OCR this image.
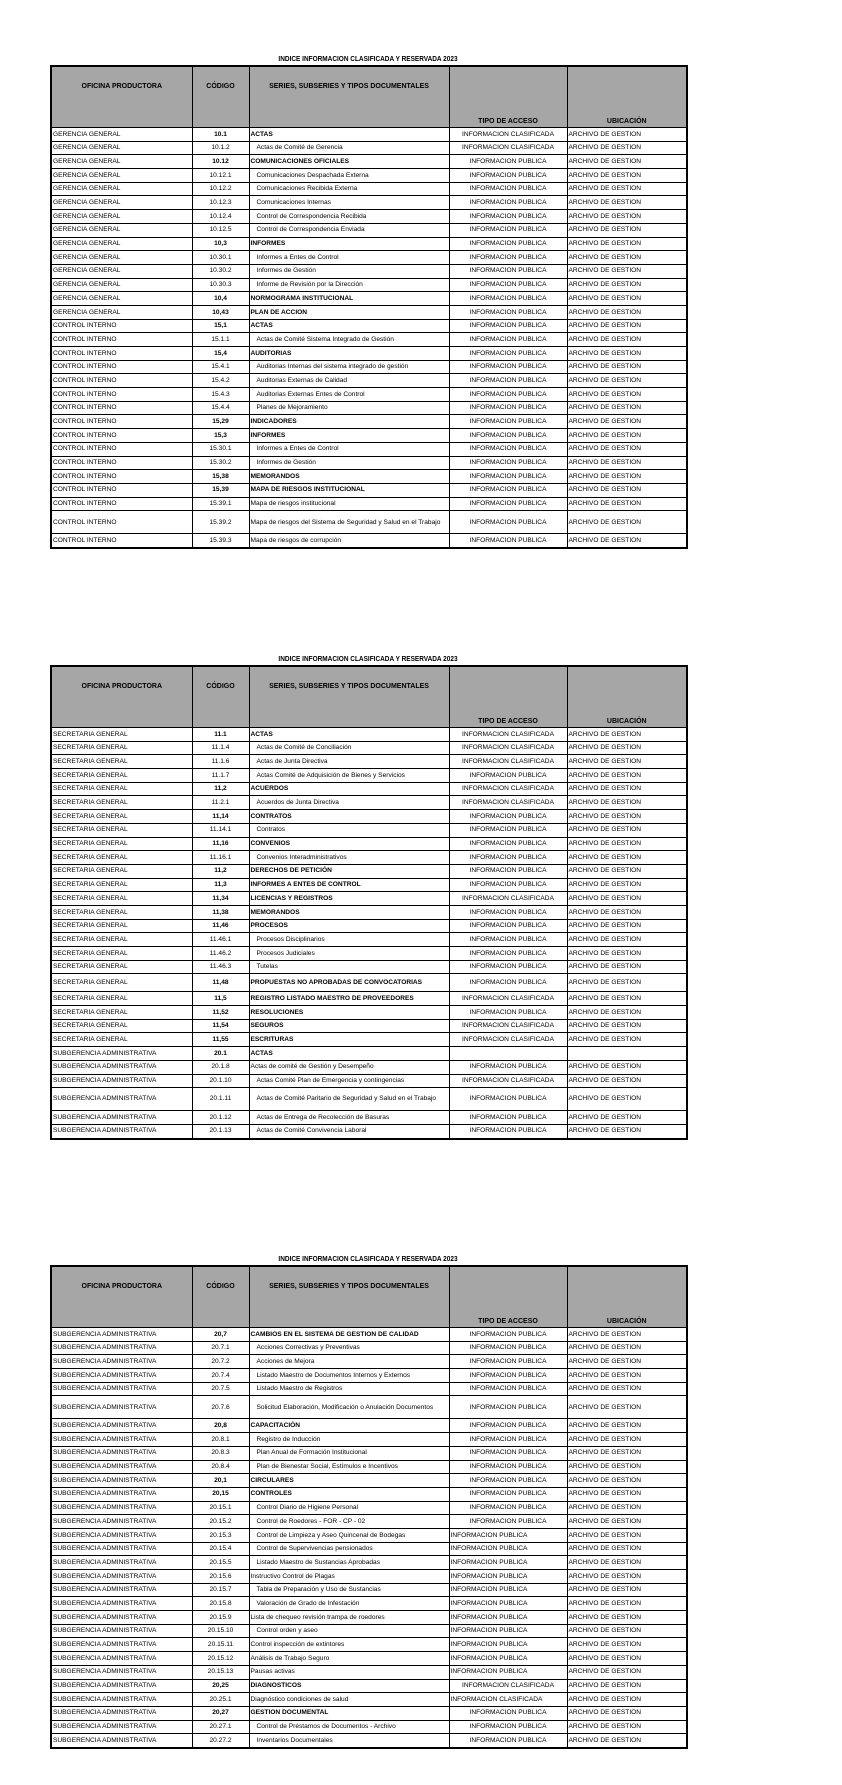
INDICE INFORMACION CLASIFICADA Y RESERVADA 2023
OFICINA PRODUCTORA	CÓDIGO	SERIES, SUBSERIES Y TIPOS DOCUMENTALES	TIPO DE ACCESO	UBICACIÓN
GERENCIA GENERAL	10.1	ACTAS	INFORMACION CLASIFICADA	ARCHIVO DE GESTION
GERENCIA GENERAL	10.1.2	Actas de Comité de Gerencia	INFORMACION CLASIFICADA	ARCHIVO DE GESTION
GERENCIA GENERAL	10.12	COMUNICACIONES OFICIALES	INFORMACION PUBLICA	ARCHIVO DE GESTION
GERENCIA GENERAL	10.12.1	Comunicaciones Despachada Externa	INFORMACION PUBLICA	ARCHIVO DE GESTION
GERENCIA GENERAL	10.12.2	Comunicaciones Recibida Externa	INFORMACION PUBLICA	ARCHIVO DE GESTION
GERENCIA GENERAL	10.12.3	Comunicaciones Internas	INFORMACION PUBLICA	ARCHIVO DE GESTION
GERENCIA GENERAL	10.12.4	Control de Correspondencia Recibida	INFORMACION PUBLICA	ARCHIVO DE GESTION
GERENCIA GENERAL	10.12.5	Control de Correspondencia Enviada	INFORMACION PUBLICA	ARCHIVO DE GESTION
GERENCIA GENERAL	10,3	INFORMES	INFORMACION PUBLICA	ARCHIVO DE GESTION
GERENCIA GENERAL	10.30.1	Informes a Entes de Control	INFORMACION PUBLICA	ARCHIVO DE GESTION
GERENCIA GENERAL	10.30.2	Informes de Gestión	INFORMACION PUBLICA	ARCHIVO DE GESTION
GERENCIA GENERAL	10.30.3	Informe de Revisión por la Dirección	INFORMACION PUBLICA	ARCHIVO DE GESTION
GERENCIA GENERAL	10,4	NORMOGRAMA INSTITUCIONAL	INFORMACION PUBLICA	ARCHIVO DE GESTION
GERENCIA GENERAL	10,43	PLAN DE ACCION	INFORMACION PUBLICA	ARCHIVO DE GESTION
CONTROL INTERNO	15,1	ACTAS	INFORMACION PUBLICA	ARCHIVO DE GESTION
CONTROL INTERNO	15.1.1	Actas de Comité Sistema Integrado de Gestión	INFORMACION PUBLICA	ARCHIVO DE GESTION
CONTROL INTERNO	15,4	AUDITORIAS	INFORMACION PUBLICA	ARCHIVO DE GESTION
CONTROL INTERNO	15.4.1	Auditorias Internas del sistema integrado de gestión	INFORMACION PUBLICA	ARCHIVO DE GESTION
CONTROL INTERNO	15.4.2	Auditorias Externas de Calidad	INFORMACION PUBLICA	ARCHIVO DE GESTION
CONTROL INTERNO	15.4.3	Auditorias Externas Entes de Control	INFORMACION PUBLICA	ARCHIVO DE GESTION
CONTROL INTERNO	15.4.4	Planes de Mejoramiento	INFORMACION PUBLICA	ARCHIVO DE GESTION
CONTROL INTERNO	15,29	INDICADORES	INFORMACION PUBLICA	ARCHIVO DE GESTION
CONTROL INTERNO	15,3	INFORMES	INFORMACION PUBLICA	ARCHIVO DE GESTION
CONTROL INTERNO	15.30.1	Informes a Entes de Control	INFORMACION PUBLICA	ARCHIVO DE GESTION
CONTROL INTERNO	15.30.2	Informes de Gestión	INFORMACION PUBLICA	ARCHIVO DE GESTION
CONTROL INTERNO	15,38	MEMORANDOS	INFORMACION PUBLICA	ARCHIVO DE GESTION
CONTROL INTERNO	15,39	MAPA DE RIESGOS INSTITUCIONAL	INFORMACION PUBLICA	ARCHIVO DE GESTION
CONTROL INTERNO	15.39.1	Mapa de riesgos institucional	INFORMACION PUBLICA	ARCHIVO DE GESTION
CONTROL INTERNO	15.39.2	Mapa de riesgos del Sistema de Seguridad y Salud en el Trabajo	INFORMACION PUBLICA	ARCHIVO DE GESTION
CONTROL INTERNO	15.39.3	Mapa de riesgos de corrupción	INFORMACION PUBLICA	ARCHIVO DE GESTION
INDICE INFORMACION CLASIFICADA Y RESERVADA 2023
OFICINA PRODUCTORA	CÓDIGO	SERIES, SUBSERIES Y TIPOS DOCUMENTALES	TIPO DE ACCESO	UBICACIÓN
SECRETARIA GENERAL	11.1	ACTAS	INFORMACION CLASIFICADA	ARCHIVO DE GESTION
SECRETARIA GENERAL	11.1.4	Actas de Comité de Conciliación	INFORMACION CLASIFICADA	ARCHIVO DE GESTION
SECRETARIA GENERAL	11.1.6	Actas de Junta Directiva	INFORMACION CLASIFICADA	ARCHIVO DE GESTION
SECRETARIA GENERAL	11.1.7	Actas Comité de Adquisición de Bienes y Servicios	INFORMACION PUBLICA	ARCHIVO DE GESTION
SECRETARIA GENERAL	11,2	ACUERDOS	INFORMACION CLASIFICADA	ARCHIVO DE GESTION
SECRETARIA GENERAL	11.2.1	Acuerdos de Junta Directiva	INFORMACION CLASIFICADA	ARCHIVO DE GESTION
SECRETARIA GENERAL	11,14	CONTRATOS	INFORMACION PUBLICA	ARCHIVO DE GESTION
SECRETARIA GENERAL	11.14.1	Contratos	INFORMACION PUBLICA	ARCHIVO DE GESTION
SECRETARIA GENERAL	11,16	CONVENIOS	INFORMACION PUBLICA	ARCHIVO DE GESTION
SECRETARIA GENERAL	11.16.1	Convenios Interadministrativos	INFORMACION PUBLICA	ARCHIVO DE GESTION
SECRETARIA GENERAL	11,2	DERECHOS DE PETICIÓN	INFORMACION PUBLICA	ARCHIVO DE GESTION
SECRETARIA GENERAL	11,3	INFORMES A ENTES DE CONTROL	INFORMACION PUBLICA	ARCHIVO DE GESTION
SECRETARIA GENERAL	11,34	LICENCIAS Y REGISTROS	INFORMACION CLASIFICADA	ARCHIVO DE GESTION
SECRETARIA GENERAL	11,38	MEMORANDOS	INFORMACION PUBLICA	ARCHIVO DE GESTION
SECRETARIA GENERAL	11,46	PROCESOS	INFORMACION PUBLICA	ARCHIVO DE GESTION
SECRETARIA GENERAL	11.46.1	Procesos Disciplinarios	INFORMACION PUBLICA	ARCHIVO DE GESTION
SECRETARIA GENERAL	11.46.2	Procesos Judiciales	INFORMACION PUBLICA	ARCHIVO DE GESTION
SECRETARIA GENERAL	11.46.3	Tutelas	INFORMACION PUBLICA	ARCHIVO DE GESTION
SECRETARIA GENERAL	11,48	PROPUESTAS NO APROBADAS DE CONVOCATORIAS	INFORMACION PUBLICA	ARCHIVO DE GESTION
SECRETARIA GENERAL	11,5	REGISTRO LISTADO MAESTRO DE PROVEEDORES	INFORMACION CLASIFICADA	ARCHIVO DE GESTION
SECRETARIA GENERAL	11,52	RESOLUCIONES	INFORMACION PUBLICA	ARCHIVO DE GESTION
SECRETARIA GENERAL	11,54	SEGUROS	INFORMACION CLASIFICADA	ARCHIVO DE GESTION
SECRETARIA GENERAL	11,55	ESCRITURAS	INFORMACION CLASIFICADA	ARCHIVO DE GESTION
SUBGERENCIA ADMINISTRATIVA	20.1	ACTAS		
SUBGERENCIA ADMINISTRATIVA	20.1.8	Actas de comité de Gestión y Desempeño	INFORMACION PUBLICA	ARCHIVO DE GESTION
SUBGERENCIA ADMINISTRATIVA	20.1.10	Actas Comité Plan de Emergencia y contingencias	INFORMACION CLASIFICADA	ARCHIVO DE GESTION
SUBGERENCIA ADMINISTRATIVA	20.1.11	Actas de Comité Paritario de Seguridad y Salud en el Trabajo	INFORMACION PUBLICA	ARCHIVO DE GESTION
SUBGERENCIA ADMINISTRATIVA	20.1.12	Actas de Entrega de Recolección de Basuras	INFORMACION PUBLICA	ARCHIVO DE GESTION
SUBGERENCIA ADMINISTRATIVA	20.1.13	Actas de Comité Convivencia Laboral	INFORMACION PUBLICA	ARCHIVO DE GESTION
INDICE INFORMACION CLASIFICADA Y RESERVADA 2023
OFICINA PRODUCTORA	CÓDIGO	SERIES, SUBSERIES Y TIPOS DOCUMENTALES	TIPO DE ACCESO	UBICACIÓN
SUBGERENCIA ADMINISTRATIVA	20,7	CAMBIOS EN EL SISTEMA DE GESTION DE CALIDAD	INFORMACION PUBLICA	ARCHIVO DE GESTION
SUBGERENCIA ADMINISTRATIVA	20.7.1	Acciones Correctivas y Preventivas	INFORMACION PUBLICA	ARCHIVO DE GESTION
SUBGERENCIA ADMINISTRATIVA	20.7.2	Acciones de Mejora	INFORMACION PUBLICA	ARCHIVO DE GESTION
SUBGERENCIA ADMINISTRATIVA	20.7.4	Listado Maestro de Documentos Internos y Externos	INFORMACION PUBLICA	ARCHIVO DE GESTION
SUBGERENCIA ADMINISTRATIVA	20.7.5	Listado Maestro de Registros	INFORMACION PUBLICA	ARCHIVO DE GESTION
SUBGERENCIA ADMINISTRATIVA	20.7.6	Solicitud Elaboración, Modificación o Anulación Documentos	INFORMACION PUBLICA	ARCHIVO DE GESTION
SUBGERENCIA ADMINISTRATIVA	20,8	CAPACITACIÓN	INFORMACION PUBLICA	ARCHIVO DE GESTION
SUBGERENCIA ADMINISTRATIVA	20.8.1	Registro de Inducción	INFORMACION PUBLICA	ARCHIVO DE GESTION
SUBGERENCIA ADMINISTRATIVA	20.8.3	Plan Anual de Formación Institucional	INFORMACION PUBLICA	ARCHIVO DE GESTION
SUBGERENCIA ADMINISTRATIVA	20.8.4	Plan de Bienestar Social, Estímulos e Incentivos	INFORMACION PUBLICA	ARCHIVO DE GESTION
SUBGERENCIA ADMINISTRATIVA	20,1	CIRCULARES	INFORMACION PUBLICA	ARCHIVO DE GESTION
SUBGERENCIA ADMINISTRATIVA	20,15	CONTROLES	INFORMACION PUBLICA	ARCHIVO DE GESTION
SUBGERENCIA ADMINISTRATIVA	20.15.1	Control Diario de Higiene Personal	INFORMACION PUBLICA	ARCHIVO DE GESTION
SUBGERENCIA ADMINISTRATIVA	20.15.2	Control de Roedores - FOR - CP - 02	INFORMACION PUBLICA	ARCHIVO DE GESTION
SUBGERENCIA ADMINISTRATIVA	20.15.3	Control de Limpieza y Aseo Quincenal de Bodegas	INFORMACION PUBLICA	ARCHIVO DE GESTION
SUBGERENCIA ADMINISTRATIVA	20.15.4	Control de Supervivencias pensionados	INFORMACION PUBLICA	ARCHIVO DE GESTION
SUBGERENCIA ADMINISTRATIVA	20.15.5	Listado Maestro de Sustancias Aprobadas	INFORMACION PUBLICA	ARCHIVO DE GESTION
SUBGERENCIA ADMINISTRATIVA	20.15.6	Instructivo Control de Plagas	INFORMACION PUBLICA	ARCHIVO DE GESTION
SUBGERENCIA ADMINISTRATIVA	20.15.7	Tabla de Preparación y Uso de Sustancias	INFORMACION PUBLICA	ARCHIVO DE GESTION
SUBGERENCIA ADMINISTRATIVA	20.15.8	Valoración de Grado de Infestación	INFORMACION PUBLICA	ARCHIVO DE GESTION
SUBGERENCIA ADMINISTRATIVA	20.15.9	Lista de chequeo revisión trampa de roedores	INFORMACION PUBLICA	ARCHIVO DE GESTION
SUBGERENCIA ADMINISTRATIVA	20.15.10	Control orden y aseo	INFORMACION PUBLICA	ARCHIVO DE GESTION
SUBGERENCIA ADMINISTRATIVA	20.15.11	Control inspección de extintores	INFORMACION PUBLICA	ARCHIVO DE GESTION
SUBGERENCIA ADMINISTRATIVA	20.15.12	Análisis de Trabajo Seguro	INFORMACION PUBLICA	ARCHIVO DE GESTION
SUBGERENCIA ADMINISTRATIVA	20.15.13	Pausas activas	INFORMACION PUBLICA	ARCHIVO DE GESTION
SUBGERENCIA ADMINISTRATIVA	20,25	DIAGNOSTICOS	INFORMACION CLASIFICADA	ARCHIVO DE GESTION
SUBGERENCIA ADMINISTRATIVA	20.25.1	Diagnóstico condiciones de salud	INFORMACION CLASIFICADA	ARCHIVO DE GESTION
SUBGERENCIA ADMINISTRATIVA	20,27	GESTION DOCUMENTAL	INFORMACION PUBLICA	ARCHIVO DE GESTION
SUBGERENCIA ADMINISTRATIVA	20.27.1	Control de Préstamos de Documentos - Archivo	INFORMACION PUBLICA	ARCHIVO DE GESTION
SUBGERENCIA ADMINISTRATIVA	20.27.2	Inventarios Documentales	INFORMACION PUBLICA	ARCHIVO DE GESTION
